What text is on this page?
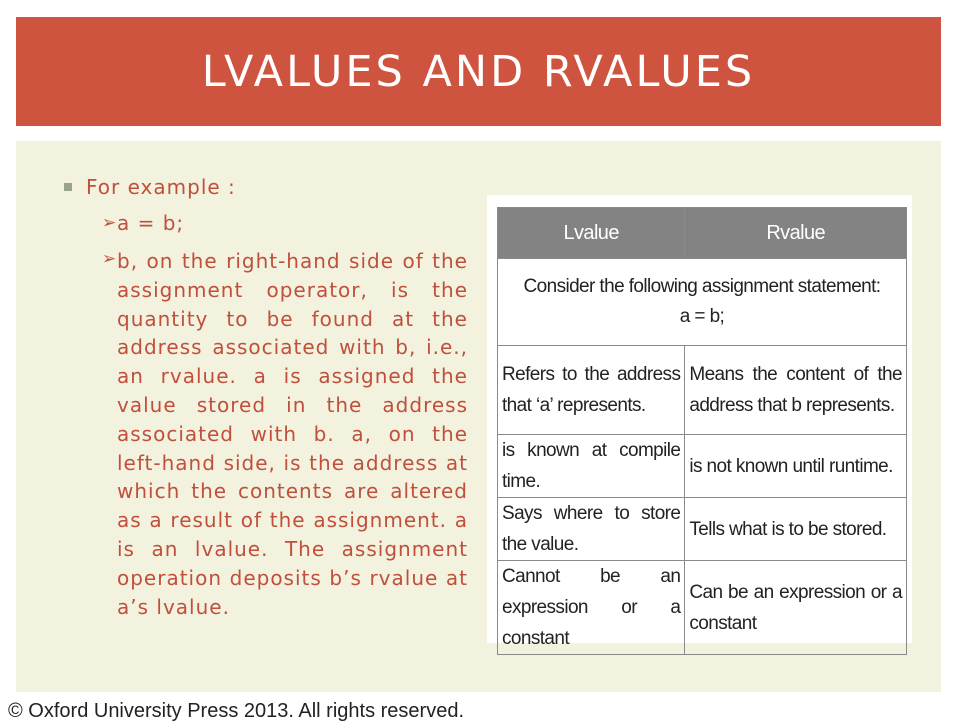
LVALUES AND RVALUES
For example :
➢ a = b;
➢ b, on the right-hand side of the assignment operator, is the quantity to be found at the address associated with b, i.e., an rvalue. a is assigned the value stored in the address associated with b. a, on the left-hand side, is the address at which the contents are altered as a result of the assignment. a is an lvalue. The assignment operation deposits b’s rvalue at a’s lvalue.
Lvalue	Rvalue
Consider the following assignment statement:
a = b;	
Refers to the address that ‘a’ represents.	Means the content of the address that b represents.
is known at compile time.	is not known until runtime.
Says where to store the value.	Tells what is to be stored.
Cannot be an expression or a constant	Can be an expression or a constant
© Oxford University Press 2013. All rights reserved.
